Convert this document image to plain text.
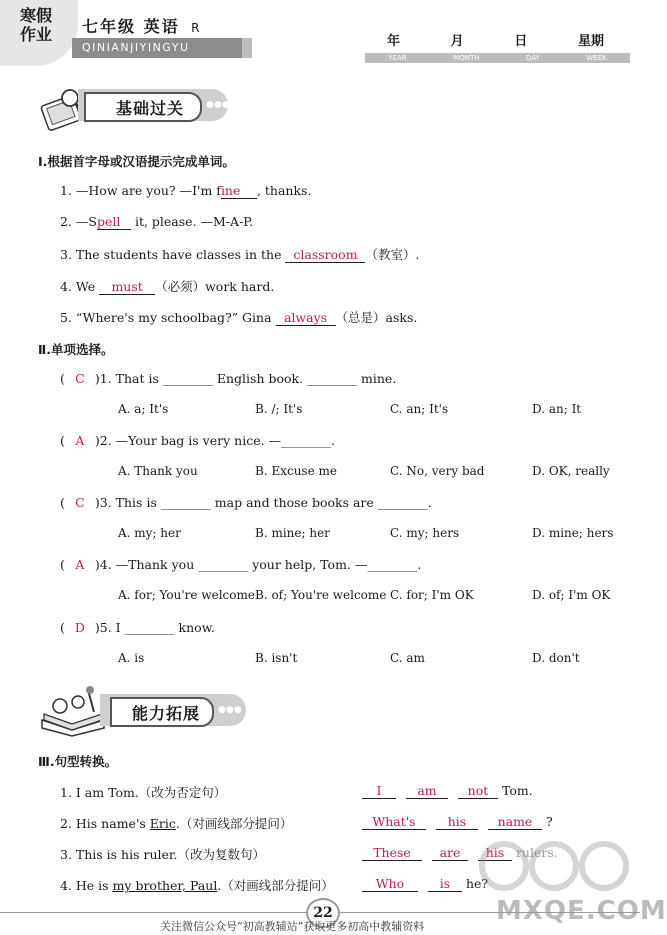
寒假
作业 七年级 英语 R
QINIANJIYINGYU	年	月	日	星期
YEAR	MONTH	DAY	WEEK
基础过关 ●●●
Ⅰ.根据首字母或汉语提示完成单词。
1. —How are you? —I'm fine , thanks.
2. —Spell it, please. —M-A-P.
3. The students have classes in the classroom （教室）.
4. We must （必须）work hard.
5. “Where's my schoolbag?” Gina always （总是）asks.
Ⅱ.单项选择。
( C )1. That is ________ English book. ________ mine.
A. a; It's	B. /; It's	C. an; It's	D. an; It
( A )2. —Your bag is very nice. —________.
A. Thank you	B. Excuse me	C. No, very bad	D. OK, really
( C )3. This is ________ map and those books are ________.
A. my; her	B. mine; her	C. my; hers	D. mine; hers
( A )4. —Thank you ________ your help, Tom. —________.
A. for; You're welcome B. of; You're welcome C. for; I'm OK	D. of; I'm OK
( D )5. I ________ know.
A. is	B. isn't	C. am	D. don't
能力拓展 ●●●
Ⅲ.句型转换。
1. I am Tom.（改为否定句）	I	am not Tom.
2. His name's Eric.（对画线部分提问）	What's	his	name ?
3. This is his ruler.（改为复数句）	These are his rulers.
4. He is my brother, Paul.（对画线部分提问）	Who	is he?
MXQE.COM
22
关注微信公众号“初高教辅站”获取更多初高中教辅资料
